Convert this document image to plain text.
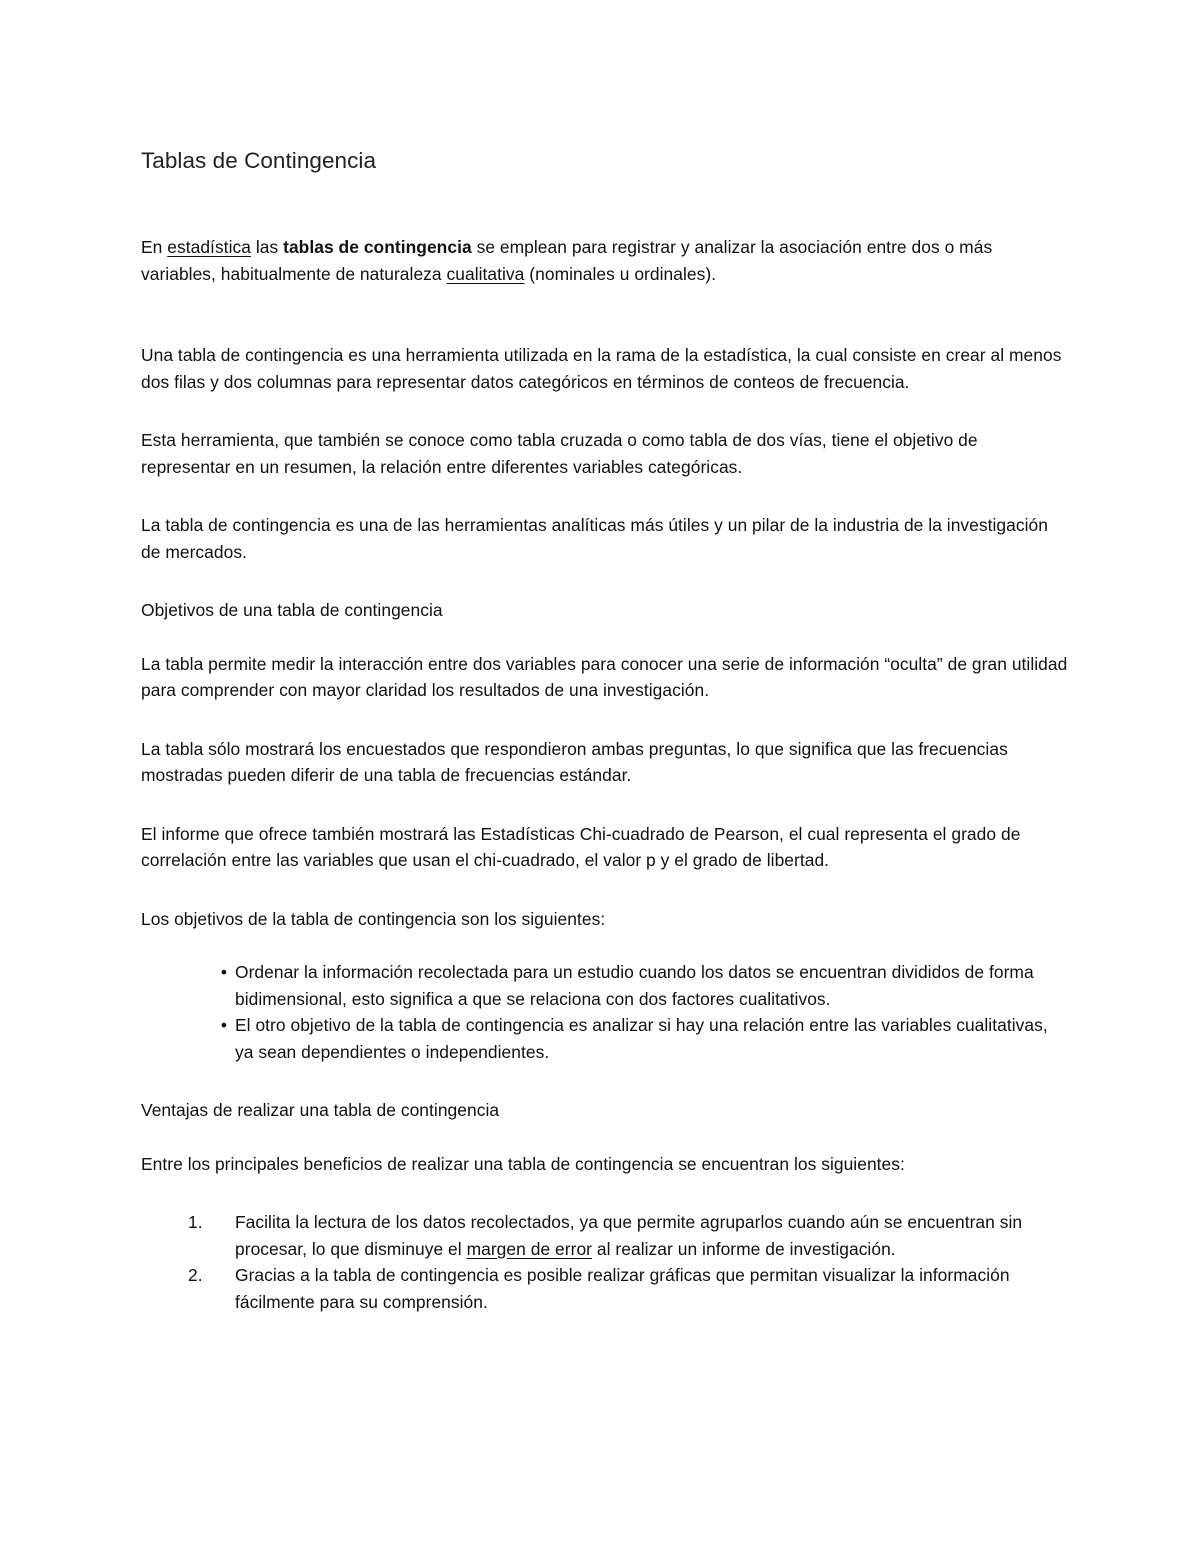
Tablas de Contingencia

En estadística las tablas de contingencia se emplean para registrar y analizar la asociación entre dos o más variables, habitualmente de naturaleza cualitativa (nominales u ordinales).

Una tabla de contingencia es una herramienta utilizada en la rama de la estadística, la cual consiste en crear al menos dos filas y dos columnas para representar datos categóricos en términos de conteos de frecuencia.

Esta herramienta, que también se conoce como tabla cruzada o como tabla de dos vías, tiene el objetivo de representar en un resumen, la relación entre diferentes variables categóricas.

La tabla de contingencia es una de las herramientas analíticas más útiles y un pilar de la industria de la investigación de mercados.

Objetivos de una tabla de contingencia

La tabla permite medir la interacción entre dos variables para conocer una serie de información “oculta” de gran utilidad para comprender con mayor claridad los resultados de una investigación.

La tabla sólo mostrará los encuestados que respondieron ambas preguntas, lo que significa que las frecuencias mostradas pueden diferir de una tabla de frecuencias estándar.

El informe que ofrece también mostrará las Estadísticas Chi-cuadrado de Pearson, el cual representa el grado de correlación entre las variables que usan el chi-cuadrado, el valor p y el grado de libertad.

Los objetivos de la tabla de contingencia son los siguientes:

• Ordenar la información recolectada para un estudio cuando los datos se encuentran divididos de forma bidimensional, esto significa a que se relaciona con dos factores cualitativos.
• El otro objetivo de la tabla de contingencia es analizar si hay una relación entre las variables cualitativas, ya sean dependientes o independientes.
Ventajas de realizar una tabla de contingencia

Entre los principales beneficios de realizar una tabla de contingencia se encuentran los siguientes:

1.	Facilita la lectura de los datos recolectados, ya que permite agruparlos cuando aún se encuentran sin procesar, lo que disminuye el margen de error al realizar un informe de investigación.
2.	Gracias a la tabla de contingencia es posible realizar gráficas que permitan visualizar la información fácilmente para su comprensión.
